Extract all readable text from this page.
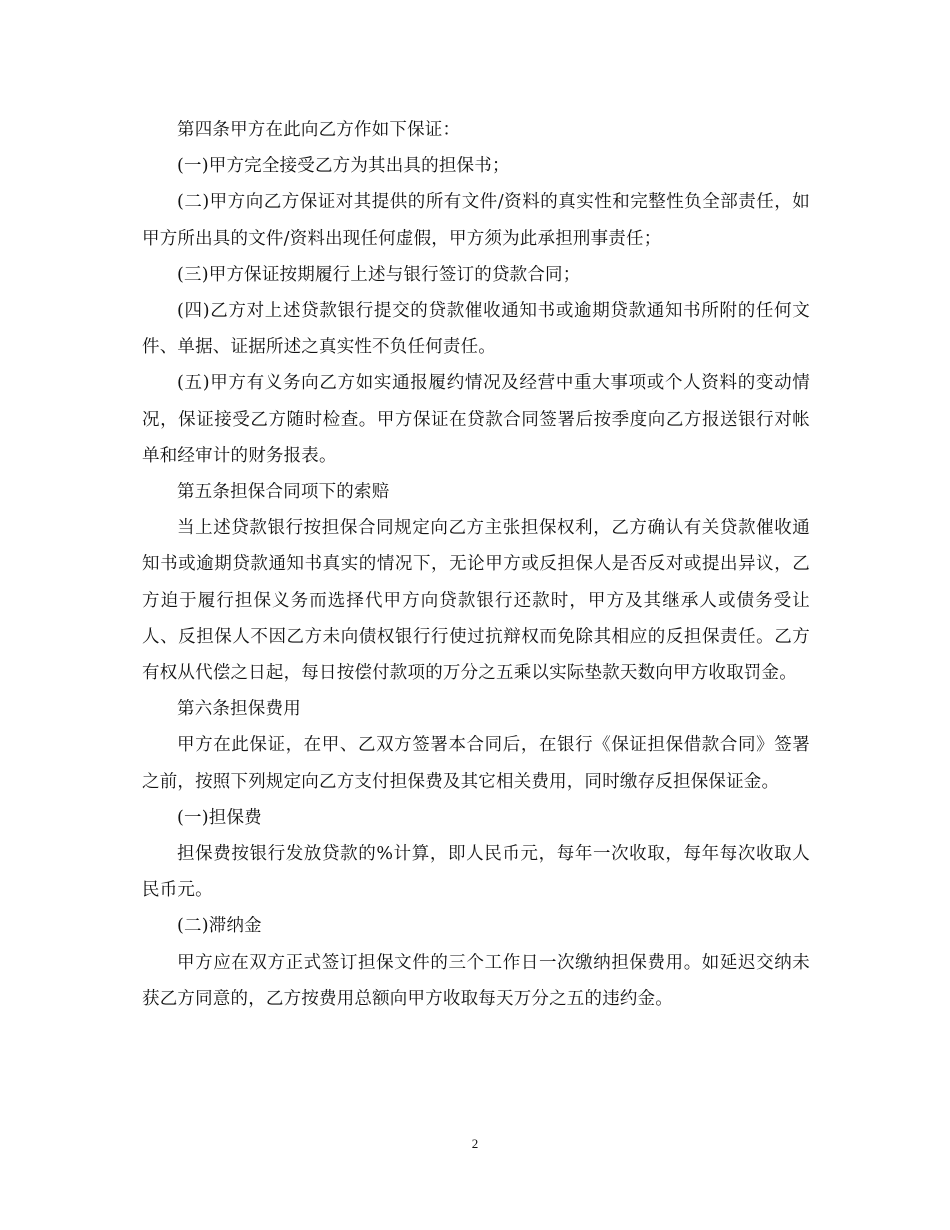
第四条甲方在此向乙方作如下保证：

(一)甲方完全接受乙方为其出具的担保书；

(二)甲方向乙方保证对其提供的所有文件/资料的真实性和完整性负全部责任，如甲方所出具的文件/资料出现任何虚假，甲方须为此承担刑事责任；

(三)甲方保证按期履行上述与银行签订的贷款合同；

(四)乙方对上述贷款银行提交的贷款催收通知书或逾期贷款通知书所附的任何文件、单据、证据所述之真实性不负任何责任。

(五)甲方有义务向乙方如实通报履约情况及经营中重大事项或个人资料的变动情况，保证接受乙方随时检查。甲方保证在贷款合同签署后按季度向乙方报送银行对帐单和经审计的财务报表。

第五条担保合同项下的索赔

当上述贷款银行按担保合同规定向乙方主张担保权利，乙方确认有关贷款催收通知书或逾期贷款通知书真实的情况下，无论甲方或反担保人是否反对或提出异议，乙方迫于履行担保义务而选择代甲方向贷款银行还款时，甲方及其继承人或债务受让人、反担保人不因乙方未向债权银行行使过抗辩权而免除其相应的反担保责任。乙方有权从代偿之日起，每日按偿付款项的万分之五乘以实际垫款天数向甲方收取罚金。

第六条担保费用

甲方在此保证，在甲、乙双方签署本合同后，在银行《保证担保借款合同》签署之前，按照下列规定向乙方支付担保费及其它相关费用，同时缴存反担保保证金。

(一)担保费

担保费按银行发放贷款的%计算，即人民币元，每年一次收取，每年每次收取人民币元。

(二)滞纳金

甲方应在双方正式签订担保文件的三个工作日一次缴纳担保费用。如延迟交纳未获乙方同意的，乙方按费用总额向甲方收取每天万分之五的违约金。

2
